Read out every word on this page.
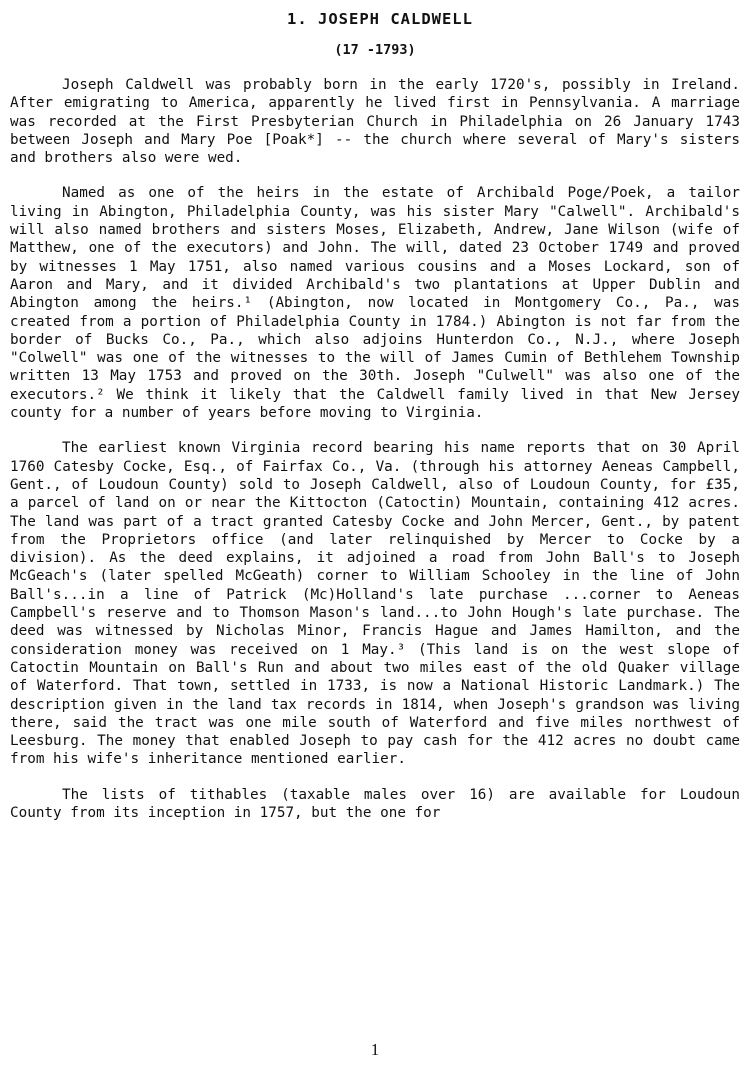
1. JOSEPH CALDWELL
(17 -1793)

Joseph Caldwell was probably born in the early 1720's, possibly in Ireland. After emigrating to America, apparently he lived first in Pennsylvania. A marriage was recorded at the First Presbyterian Church in Philadelphia on 26 January 1743 between Joseph and Mary Poe [Poak*] -- the church where several of Mary's sisters and brothers also were wed.

Named as one of the heirs in the estate of Archibald Poge/Poek, a tailor living in Abington, Philadelphia County, was his sister Mary "Calwell". Archibald's will also named brothers and sisters Moses, Elizabeth, Andrew, Jane Wilson (wife of Matthew, one of the executors) and John. The will, dated 23 October 1749 and proved by witnesses 1 May 1751, also named various cousins and a Moses Lockard, son of Aaron and Mary, and it divided Archibald's two plantations at Upper Dublin and Abington among the heirs.¹ (Abington, now located in Montgomery Co., Pa., was created from a portion of Philadelphia County in 1784.) Abington is not far from the border of Bucks Co., Pa., which also adjoins Hunterdon Co., N.J., where Joseph "Colwell" was one of the witnesses to the will of James Cumin of Bethlehem Township written 13 May 1753 and proved on the 30th. Joseph "Culwell" was also one of the executors.² We think it likely that the Caldwell family lived in that New Jersey county for a number of years before moving to Virginia.

The earliest known Virginia record bearing his name reports that on 30 April 1760 Catesby Cocke, Esq., of Fairfax Co., Va. (through his attorney Aeneas Campbell, Gent., of Loudoun County) sold to Joseph Caldwell, also of Loudoun County, for £35, a parcel of land on or near the Kittocton (Catoctin) Mountain, containing 412 acres. The land was part of a tract granted Catesby Cocke and John Mercer, Gent., by patent from the Proprietors office (and later relinquished by Mercer to Cocke by a division). As the deed explains, it adjoined a road from John Ball's to Joseph McGeach's (later spelled McGeath) corner to William Schooley in the line of John Ball's...in a line of Patrick (Mc)Holland's late purchase ...corner to Aeneas Campbell's reserve and to Thomson Mason's land...to John Hough's late purchase. The deed was witnessed by Nicholas Minor, Francis Hague and James Hamilton, and the consideration money was received on 1 May.³ (This land is on the west slope of Catoctin Mountain on Ball's Run and about two miles east of the old Quaker village of Waterford. That town, settled in 1733, is now a National Historic Landmark.) The description given in the land tax records in 1814, when Joseph's grandson was living there, said the tract was one mile south of Waterford and five miles northwest of Leesburg. The money that enabled Joseph to pay cash for the 412 acres no doubt came from his wife's inheritance mentioned earlier.

The lists of tithables (taxable males over 16) are available for Loudoun County from its inception in 1757, but the one for

1
